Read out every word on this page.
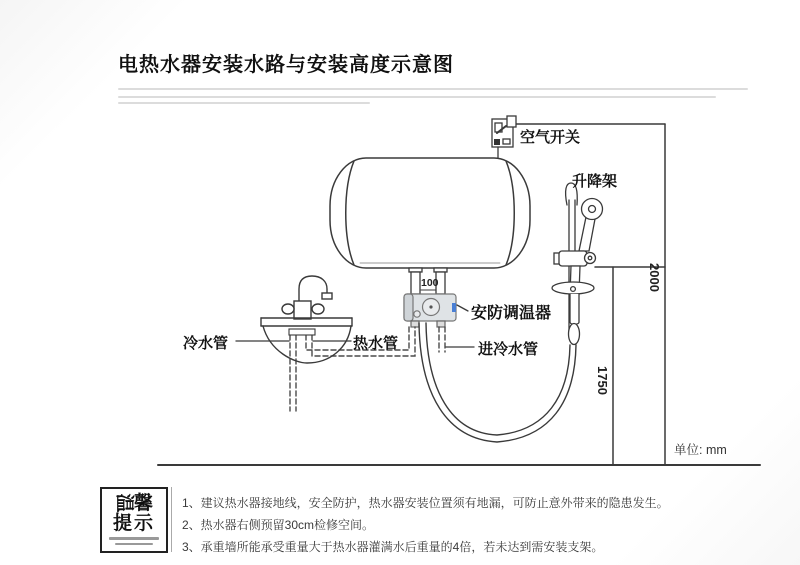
电热水器安装水路与安装高度示意图
空气开关
升降架
安防调温器
进冷水管
冷水管	热水管
2000
1750
100
单位: mm
温馨
提示
1、建议热水器接地线，安全防护，热水器安装位置须有地漏，可防止意外带来的隐患发生。
2、热水器右侧预留30cm检修空间。
3、承重墙所能承受重量大于热水器灌满水后重量的4倍，若未达到需安装支架。
